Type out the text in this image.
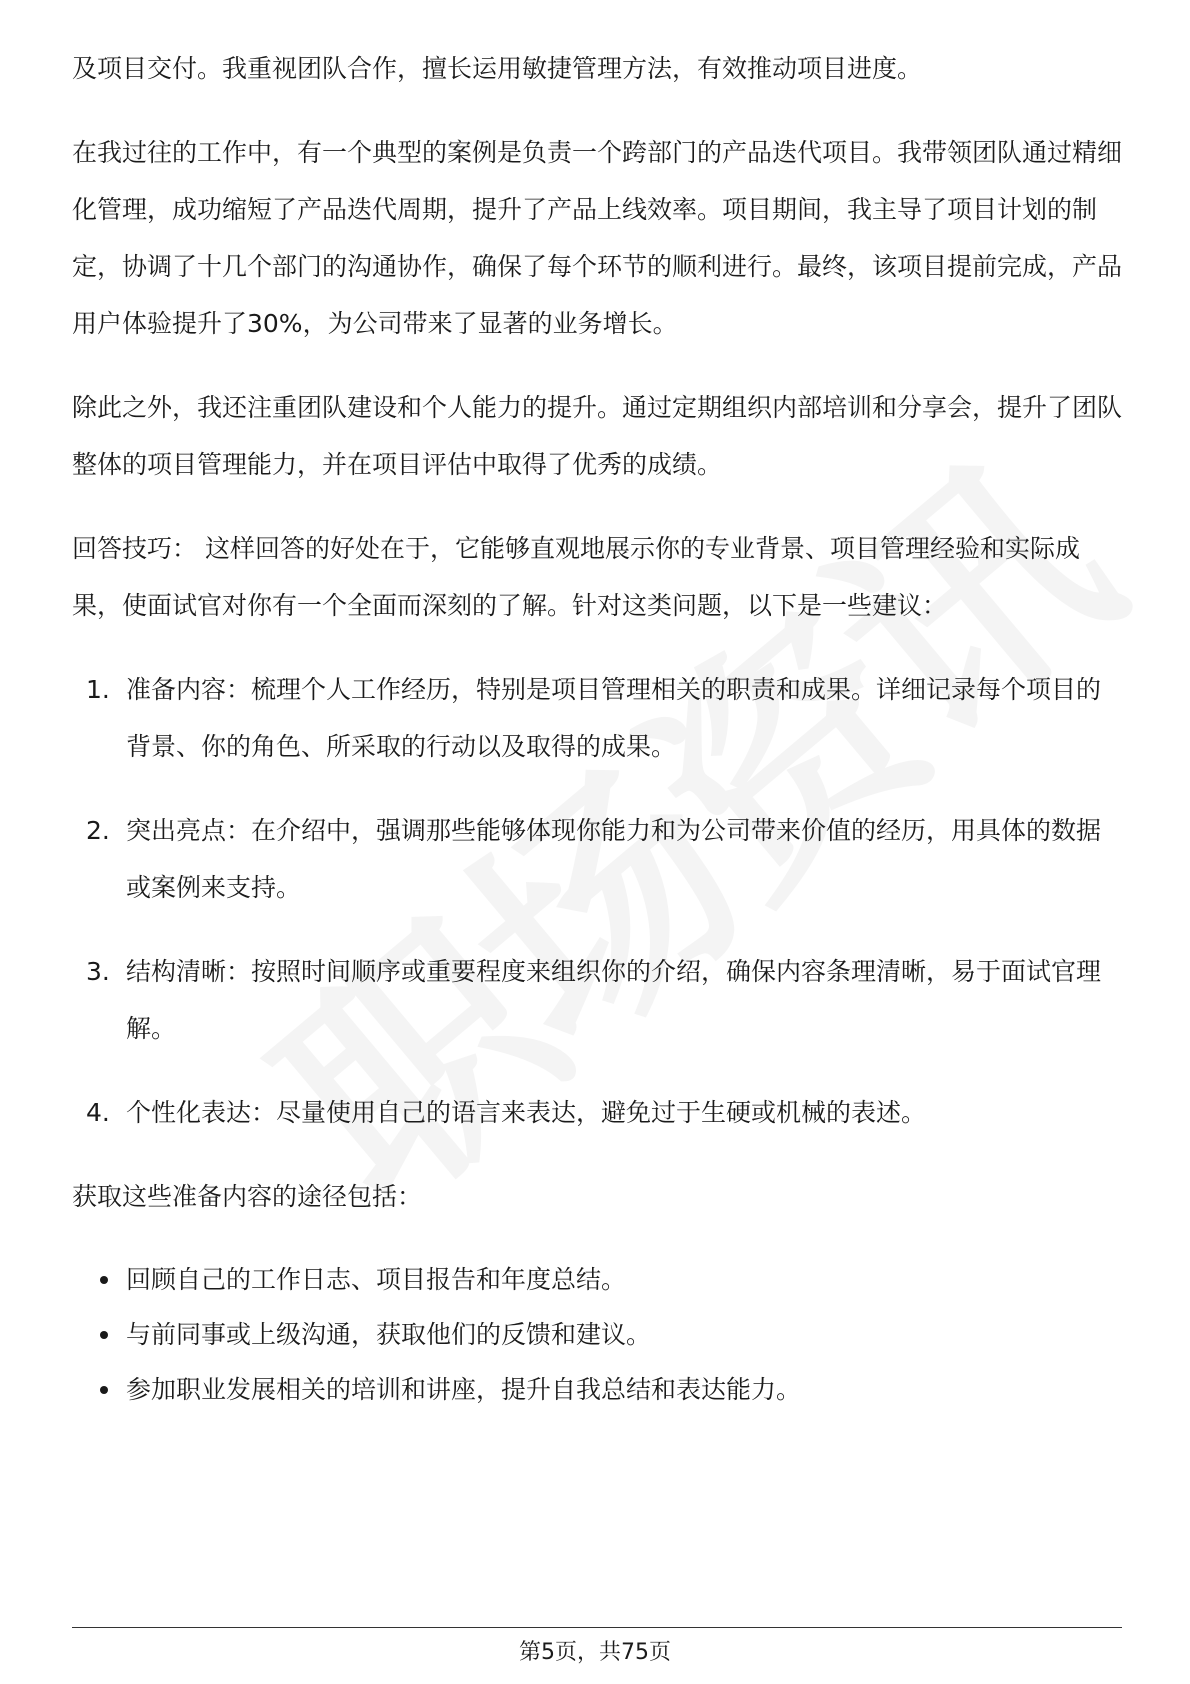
及项目交付。我重视团队合作，擅长运用敏捷管理方法，有效推动项目进度。

在我过往的工作中，有一个典型的案例是负责一个跨部门的产品迭代项目。我带领团队通过精细化管理，成功缩短了产品迭代周期，提升了产品上线效率。项目期间，我主导了项目计划的制定，协调了十几个部门的沟通协作，确保了每个环节的顺利进行。最终，该项目提前完成，产品用户体验提升了30%，为公司带来了显著的业务增长。

除此之外，我还注重团队建设和个人能力的提升。通过定期组织内部培训和分享会，提升了团队整体的项目管理能力，并在项目评估中取得了优秀的成绩。

回答技巧： 这样回答的好处在于，它能够直观地展示你的专业背景、项目管理经验和实际成果，使面试官对你有一个全面而深刻的了解。针对这类问题，以下是一些建议：

1. 准备内容：梳理个人工作经历，特别是项目管理相关的职责和成果。详细记录每个项目的背景、你的角色、所采取的行动以及取得的成果。
2. 突出亮点：在介绍中，强调那些能够体现你能力和为公司带来价值的经历，用具体的数据或案例来支持。
3. 结构清晰：按照时间顺序或重要程度来组织你的介绍，确保内容条理清晰，易于面试官理解。
4. 个性化表达：尽量使用自己的语言来表达，避免过于生硬或机械的表述。

获取这些准备内容的途径包括：

回顾自己的工作日志、项目报告和年度总结。
与前同事或上级沟通，获取他们的反馈和建议。
参加职业发展相关的培训和讲座，提升自我总结和表达能力。
第5页，共75页
